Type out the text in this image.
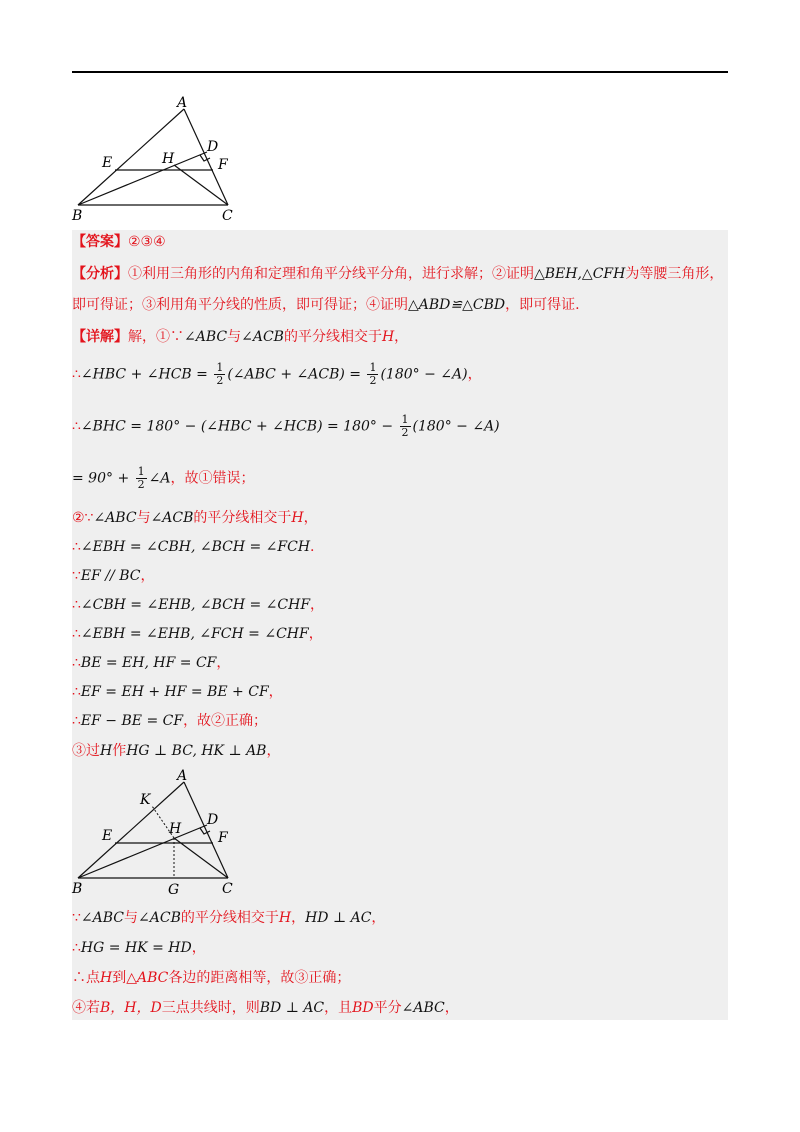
A
D
E	H	F
B	C
【答案】②③④
【分析】①利用三角形的内角和定理和角平分线平分角，进行求解；②证明△BEH,△CFH为等腰三角形，
即可得证；③利用角平分线的性质，即可得证；④证明△ABD≌△CBD，即可得证.
【详解】解，①∵∠ABC与∠ACB的平分线相交于H，
∴∠HBC + ∠HCB = $\frac{1}{2}$ (∠ABC + ∠ACB) = $\frac{1}{2} (180^\circ$ − ∠A)，
∴∠BHC = 180° − (∠HBC + ∠HCB) = $180^\circ - \frac{1}{2} (180^\circ$ − ∠A)
= $90^\circ + \frac{1}{2}$ ∠A，故①错误；
②∵∠ABC与∠ACB的平分线相交于H，
∴∠EBH = ∠CBH, ∠BCH = ∠FCH.
∵EF // BC，
∴∠CBH = ∠EHB, ∠BCH = ∠CHF，
∴∠EBH = ∠EHB, ∠FCH = ∠CHF，
∴BE = EH, HF = CF，
∴EF = EH + HF = BE + CF，
∴EF − BE = CF，故②正确；
③过H作HG ⊥ BC, HK ⊥ AB，
A
K
D
E	H
F
B	G	C
∵∠ABC与∠ACB的平分线相交于H，HD ⊥ AC，
∴HG = HK = HD，
∴点H到△ABC各边的距离相等，故③正确；
④若B，H，D三点共线时，则BD ⊥ AC，且BD平分∠ABC，
